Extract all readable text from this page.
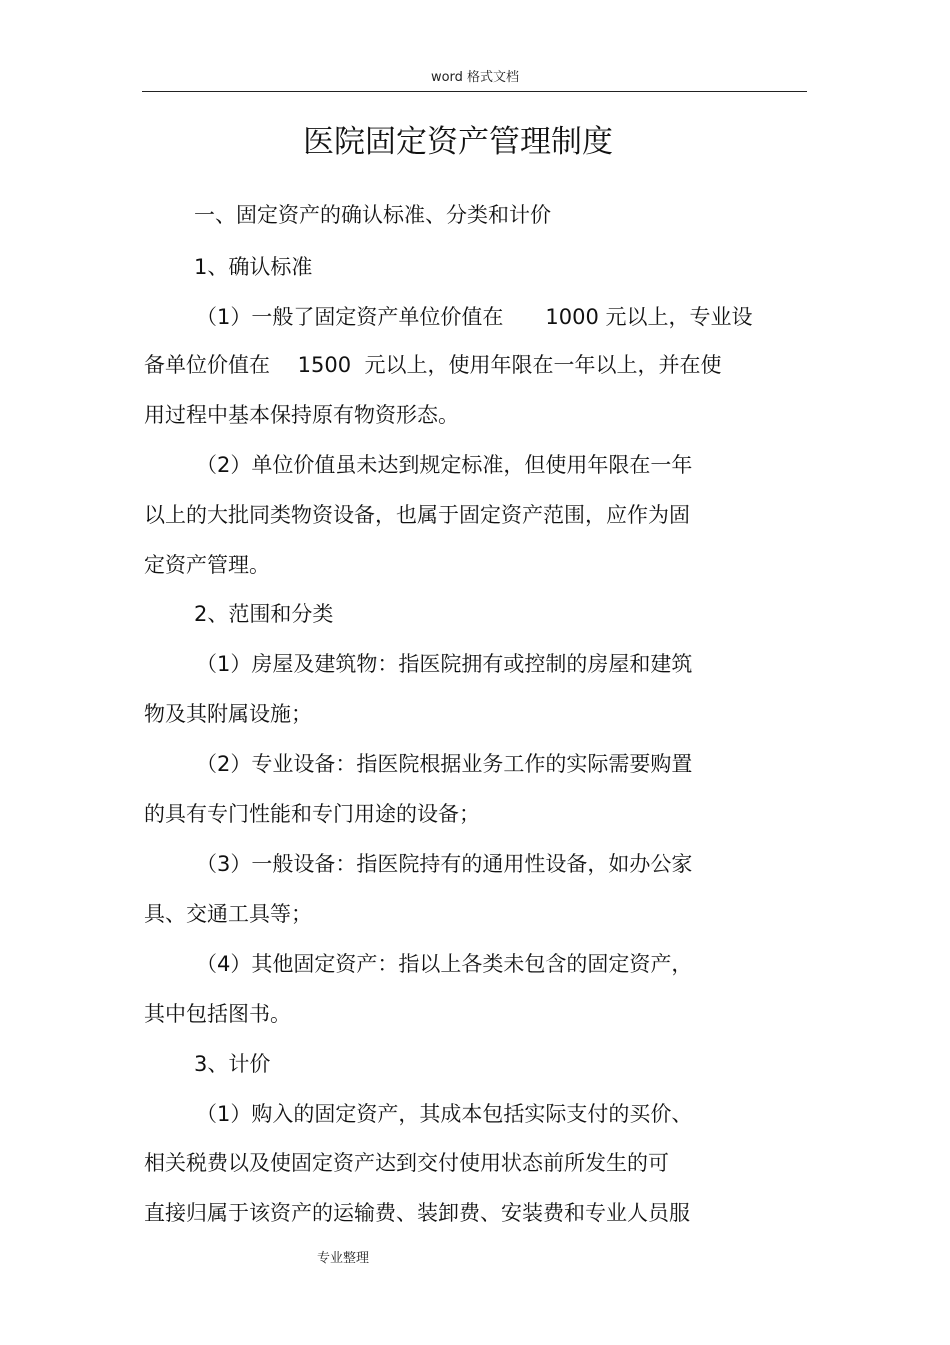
word 格式文档
医院固定资产管理制度
一、固定资产的确认标准、分类和计价
1、确认标准
（1）一般了固定资产单位价值在　　1000 元以上，专业设
备单位价值在　 1500  元以上，使用年限在一年以上，并在使
用过程中基本保持原有物资形态。
（2）单位价值虽未达到规定标准，但使用年限在一年
以上的大批同类物资设备，也属于固定资产范围，应作为固
定资产管理。
2、范围和分类
（1）房屋及建筑物：指医院拥有或控制的房屋和建筑
物及其附属设施；
（2）专业设备：指医院根据业务工作的实际需要购置
的具有专门性能和专门用途的设备；
（3）一般设备：指医院持有的通用性设备，如办公家
具、交通工具等；
（4）其他固定资产：指以上各类未包含的固定资产，
其中包括图书。
3、计价
（1）购入的固定资产，其成本包括实际支付的买价、
相关税费以及使固定资产达到交付使用状态前所发生的可
直接归属于该资产的运输费、装卸费、安装费和专业人员服
专业整理
